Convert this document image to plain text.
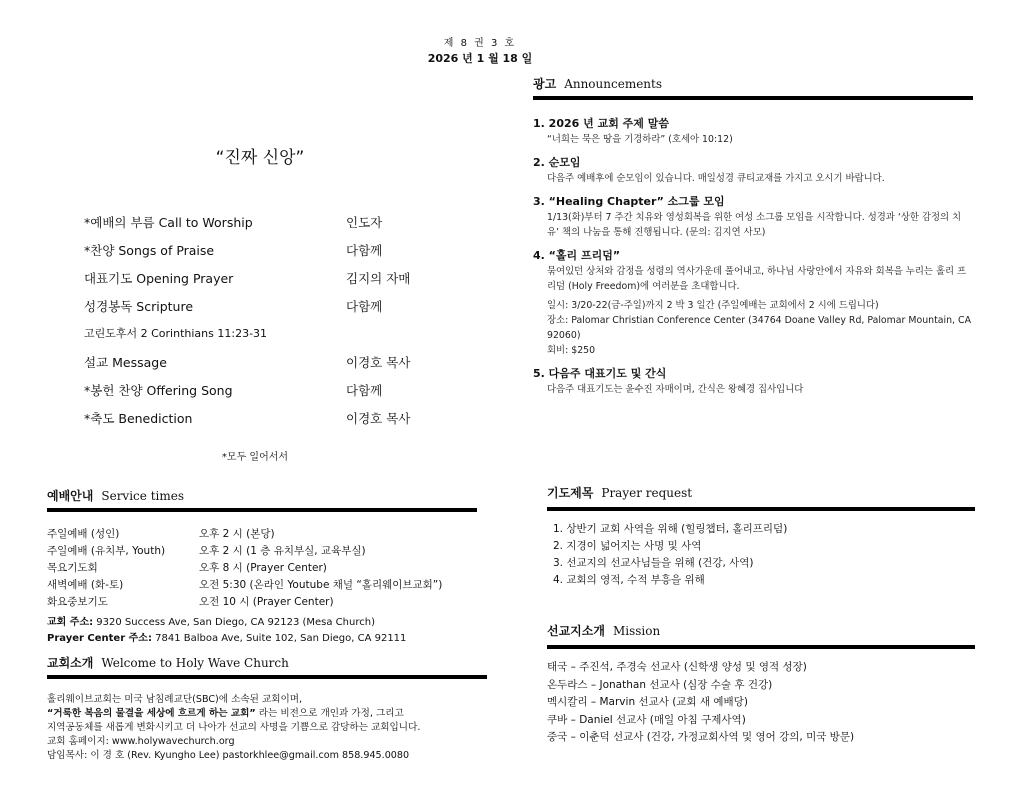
제 8 권 3 호
2026 년 1 월 18 일
“진짜 신앙”
*예배의 부름 Call to Worship	인도자
*찬양 Songs of Praise	다함께
대표기도 Opening Prayer	김지의 자매
성경봉독 Scripture	다함께
고린도후서 2 Corinthians 11:23-31
설교 Message	이경호 목사
*봉헌 찬양 Offering Song	다함께
*축도 Benediction	이경호 목사
*모두 일어서서
예배안내 Service times
주일예배 (성인)	오후 2 시 (본당)
주일예배 (유치부, Youth)	오후 2 시 (1 층 유치부실, 교육부실)
목요기도회	오후 8 시 (Prayer Center)
새벽예배 (화-토)	오전 5:30 (온라인 Youtube 채널 “홀리웨이브교회”)
화요중보기도	오전 10 시 (Prayer Center)
교회 주소: 9320 Success Ave, San Diego, CA 92123 (Mesa Church)
Prayer Center 주소: 7841 Balboa Ave, Suite 102, San Diego, CA 92111
교회소개 Welcome to Holy Wave Church
홀리웨이브교회는 미국 남침례교단(SBC)에 소속된 교회이며,
“거룩한 복음의 물결을 세상에 흐르게 하는 교회” 라는 비전으로 개인과 가정, 그리고
지역공동체를 새롭게 변화시키고 더 나아가 선교의 사명을 기쁨으로 감당하는 교회입니다.
교회 홈페이지: www.holywavechurch.org
담임목사: 이 경 호 (Rev. Kyungho Lee) pastorkhlee@gmail.com 858.945.0080
광고 Announcements
1. 2026 년 교회 주제 말씀
“너희는 묵은 땅을 기경하라” (호세아 10:12)
2. 순모임
다음주 예배후에 순모임이 있습니다. 매일성경 큐티교재를 가지고 오시기 바랍니다.
3. “Healing Chapter” 소그룹 모임
1/13(화)부터 7 주간 치유와 영성회복을 위한 여성 소그룹 모임을 시작합니다. 성경과 ‘상한 감정의 치유’ 책의 나눔을 통해 진행됩니다. (문의: 김지연 사모)
4. “홀리 프리덤”
묶여있던 상처와 감정을 성령의 역사가운데 풀어내고, 하나님 사랑안에서 자유와 회복을 누리는 홀리 프리덤 (Holy Freedom)에 여러분을 초대합니다.
일시: 3/20-22(금-주일)까지 2 박 3 일간 (주일예배는 교회에서 2 시에 드립니다)
장소: Palomar Christian Conference Center (34764 Doane Valley Rd, Palomar Mountain, CA 92060)
회비: $250
5. 다음주 대표기도 및 간식
다음주 대표기도는 윤수진 자매이며, 간식은 왕혜경 집사입니다
기도제목 Prayer request
1. 상반기 교회 사역을 위해 (힐링챕터, 홀리프리덤)
2. 지경이 넓어지는 사명 및 사역
3. 선교지의 선교사님들을 위해 (건강, 사역)
4. 교회의 영적, 수적 부흥을 위해
선교지소개 Mission
태국 – 주진석, 주경숙 선교사 (신학생 양성 및 영적 성장)
온두라스 – Jonathan 선교사 (심장 수술 후 건강)
멕시칼리 – Marvin 선교사 (교회 새 예배당)
쿠바 – Daniel 선교사 (매일 아침 구제사역)
중국 – 이춘덕 선교사 (건강, 가정교회사역 및 영어 강의, 미국 방문)
